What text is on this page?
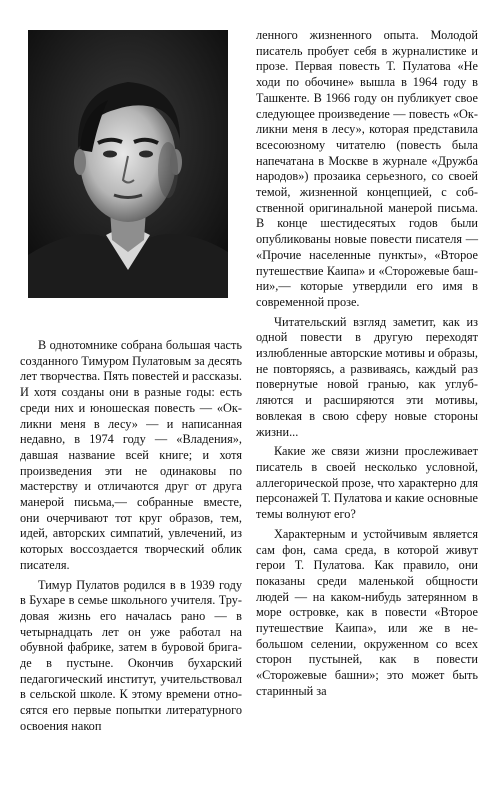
В однотомнике собрана большая часть созданного Тимуром Пулатовым за десять лет творчества. Пять повестей и рассказы. И хотя созданы они в разные годы: есть среди них и юношеская повесть — «Окликни меня в лесу» — и написанная недавно, в 1974 году — «Владения», давшая название всей книге; и хотя произведения эти не одинаковы по мастерству и отличаются друг от друга манерой письма,— собранные вместе, они очерчивают тот круг образов, тем, идей, авторских симпатий, увлечений, из которых воссоздается творческий облик писателя.

Тимур Пулатов родился в в 1939 году в Бухаре в семье школьного учителя. Трудовая жизнь его началась рано — в четырнадцать лет он уже работал на обувной фабрике, затем в буровой бригаде в пустыне. Окончив бухарский педагогический институт, учительствовал в сельской школе. К этому времени относятся его первые попытки литературного освоения накоп

ленного жизненного опыта. Молодой писатель пробует себя в журналистике и прозе. Первая повесть Т. Пулатова «Не ходи по обочине» вышла в 1964 году в Ташкенте. В 1966 году он публикует свое следующее произведение — повесть «Окликни меня в лесу», которая представила всесоюзному читателю (повесть была напечатана в Москве в журнале «Дружба народов») прозаика серьезного, со своей темой, жизненной концепцией, с собственной оригинальной манерой письма. В конце шестидесятых годов были опубликованы новые повести писателя — «Прочие населенные пункты», «Второе путешествие Каипа» и «Сторожевые башни»,— которые утвердили его имя в современной прозе.

Читательский взгляд заметит, как из одной повести в другую переходят излюбленные авторские мотивы и образы, не повторяясь, а развиваясь, каждый раз повернутые новой гранью, как углубляются и расширяются эти мотивы, вовлекая в свою сферу новые стороны жизни...

Какие же связи жизни прослеживает писатель в своей несколько условной, аллегорической прозе, что характерно для персонажей Т. Пулатова и какие основные темы волнуют его?

Характерным и устойчивым является сам фон, сама среда, в которой живут герои Т. Пулатова. Как правило, они показаны среди маленькой общности людей — на каком-нибудь затерянном в море островке, как в повести «Второе путешествие Каипа», или же в небольшом селении, окруженном со всех сторон пустыней, как в повести «Сторожевые башни»; это может быть старинный за
